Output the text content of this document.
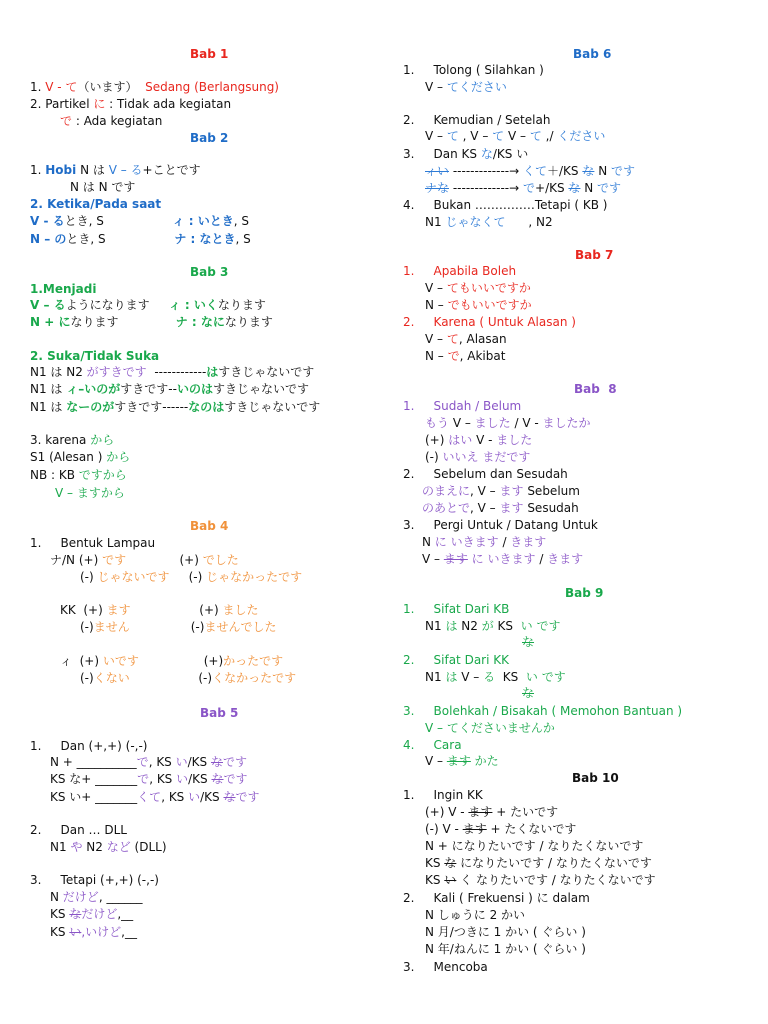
Bab 1
1. V - て（います）  Sedang (Berlangsung)
2. Partikel に : Tidak ada kegiatan
で : Ada kegiatan
Bab 2
1. Hobi N は V – る+ことです
N は N です
2. Ketika/Pada saat
V - るとき, S                  ィ : いとき, S
N – のとき, S                  ナ : なとき, S
Bab 3
1.Menjadi
V – るようになります     ィ : いくなります
N + になります               ナ : なになります
2. Suka/Tidak Suka
N1 は N2 がすきです  ------------はすきじゃないです
N1 は ィ–いのがすきです--いのはすきじゃないです
N1 は なーのがすきです------なのはすきじゃないです
3. karena から
S1 (Alesan ) から
NB : KB ですから
V – ますから
Bab 4
1.     Bentuk Lampau
ナ/N (+) です              (+) でした
(-) じゃないです     (-) じゃなかったです
KK  (+) ます                  (+) ました
(-)ません                (-)ませんでした
ィ  (+) いです                 (+)かったです
(-)くない                  (-)くなかったです
Bab 5
1.     Dan (+,+) (-,-)
N + __________で, KS い/KS なです
KS な+ _______で, KS い/KS なです
KS い+ _______くて, KS い/KS なです
2.     Dan … DLL
N1 や N2 など (DLL)
3.     Tetapi (+,+) (-,-)
N だけど, ______
KS なだけど,__
KS い,いけど,__
Bab 6
1.     Tolong ( Silahkan )
V – てください
2.     Kemudian / Setelah
V – て , V – て V – て ,/ ください
3.     Dan KS な/KS い
ィい -------------→ くて＋/KS な N です
ナな -------------→ で+/KS な N です
4.     Bukan ……………Tetapi ( KB )
N1 じゃなくて      , N2
Bab 7
1.     Apabila Boleh
V – てもいいですか
N – でもいいですか
2.     Karena ( Untuk Alasan )
V – て, Alasan
N – で, Akibat
Bab  8
1.     Sudah / Belum
もう V – ました / V - ましたか
(+) はい V - ました
(-) いいえ まだです
2.     Sebelum dan Sesudah
のまえに, V – ます Sebelum
のあとで, V – ます Sesudah
3.     Pergi Untuk / Datang Untuk
N に いきます / きます
V – ます に いきます / きます
Bab 9
1.     Sifat Dari KB
N1 は N2 が KS  い です
な
2.     Sifat Dari KK
N1 は V – る  KS  い です
な
3.     Bolehkah / Bisakah ( Memohon Bantuan )
V – てくださいませんか
4.     Cara
V – ます かた
Bab 10
1.     Ingin KK
(+) V - ます + たいです
(-) V - ます + たくないです
N + になりたいです / なりたくないです
KS な になりたいです / なりたくないです
KS い く なりたいです / なりたくないです
2.     Kali ( Frekuensi ) に dalam
N しゅうに 2 かい
N 月/つきに 1 かい ( ぐらい )
N 年/ねんに 1 かい ( ぐらい )
3.     Mencoba
